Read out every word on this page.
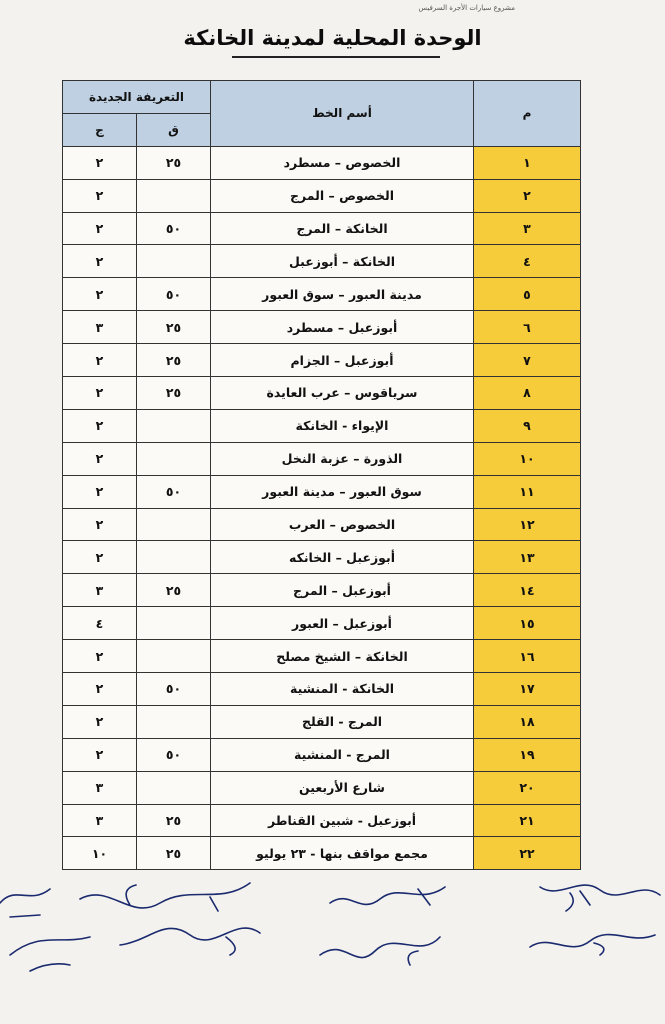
مشروع سيارات الأجرة السرفيس
الوحدة المحلية لمدينة الخانكة
م	أسم الخط	التعريفة الجديدة	
		ق	ج
١	الخصوص – مسطرد	٢٥	٢
٢	الخصوص – المرج		٢
٣	الخانكة – المرج	٥٠	٢
٤	الخانكة – أبوزعبل		٢
٥	مدينة العبور – سوق العبور	٥٠	٢
٦	أبوزعبل – مسطرد	٢٥	٣
٧	أبوزعبل – الجزام	٢٥	٢
٨	سرياقوس – عرب العايدة	٢٥	٢
٩	الإيواء - الخانكة		٢
١٠	الذورة – عزبة النخل		٢
١١	سوق العبور – مدينة العبور	٥٠	٢
١٢	الخصوص – العرب		٢
١٣	أبوزعبل – الخانكه		٢
١٤	أبوزعبل – المرج	٢٥	٣
١٥	أبوزعبل – العبور		٤
١٦	الخانكة – الشيخ مصلح		٢
١٧	الخانكة - المنشية	٥٠	٢
١٨	المرج - القلج		٢
١٩	المرج - المنشية	٥٠	٢
٢٠	شارع الأربعين		٣
٢١	أبوزعبل - شبين القناطر	٢٥	٣
٢٢	مجمع مواقف بنها - ٢٣ يوليو	٢٥	١٠
